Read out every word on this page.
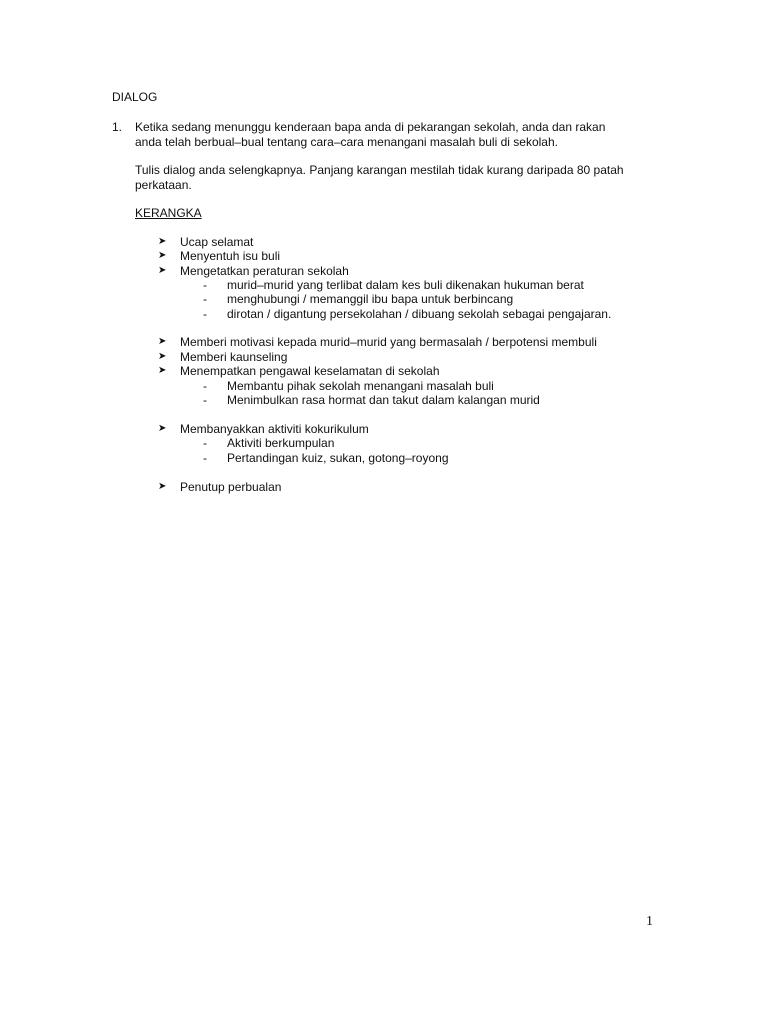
DIALOG
1. Ketika sedang menunggu kenderaan bapa anda di pekarangan sekolah, anda dan rakan
anda telah berbual–bual tentang cara–cara menangani masalah buli di sekolah.
Tulis dialog anda selengkapnya. Panjang karangan mestilah tidak kurang daripada 80 patah
perkataan.
KERANGKA
➤ Ucap selamat
➤ Menyentuh isu buli
➤ Mengetatkan peraturan sekolah
- murid–murid yang terlibat dalam kes buli dikenakan hukuman berat
- menghubungi / memanggil ibu bapa untuk berbincang
- dirotan / digantung persekolahan / dibuang sekolah sebagai pengajaran.
➤ Memberi motivasi kepada murid–murid yang bermasalah / berpotensi membuli
➤ Memberi kaunseling
➤ Menempatkan pengawal keselamatan di sekolah
- Membantu pihak sekolah menangani masalah buli
- Menimbulkan rasa hormat dan takut dalam kalangan murid
➤ Membanyakkan aktiviti kokurikulum
- Aktiviti berkumpulan
- Pertandingan kuiz, sukan, gotong–royong
➤ Penutup perbualan
1
